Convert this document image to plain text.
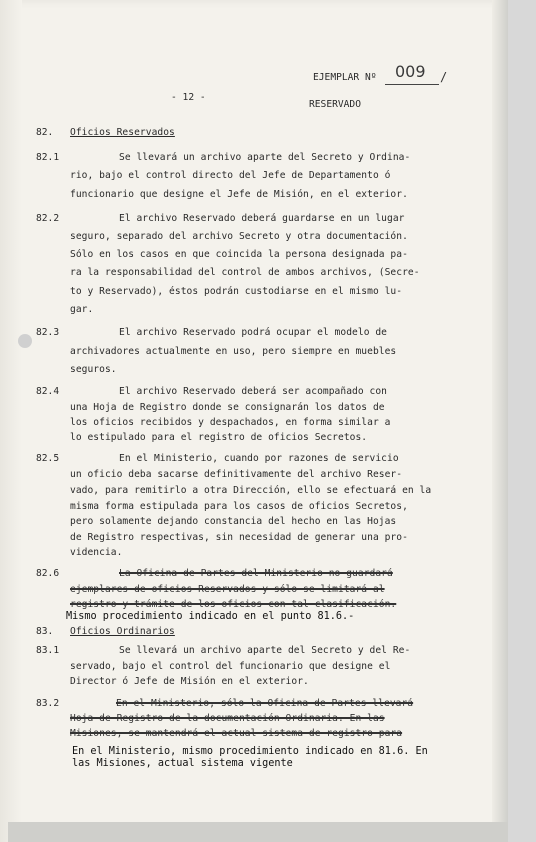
EJEMPLAR Nº 009 /
- 12 -
RESERVADO
82. Oficios Reservados
82.1	Se llevará un archivo aparte del Secreto y Ordina-
rio, bajo el control directo del Jefe de Departamento ó
funcionario que designe el Jefe de Misión, en el exterior.
82.2	El archivo Reservado deberá guardarse en un lugar
seguro, separado del archivo Secreto y otra documentación.
Sólo en los casos en que coincida la persona designada pa-
ra la responsabilidad del control de ambos archivos, (Secre-
to y Reservado), éstos podrán custodiarse en el mismo lu-
gar.
82.3	El archivo Reservado podrá ocupar el modelo de
archivadores actualmente en uso, pero siempre en muebles
seguros.
82.4	El archivo Reservado deberá ser acompañado con
una Hoja de Registro donde se consignarán los datos de
los oficios recibidos y despachados, en forma similar a
lo estipulado para el registro de oficios Secretos.
82.5	En el Ministerio, cuando por razones de servicio
un oficio deba sacarse definitivamente del archivo Reser-
vado, para remitirlo a otra Dirección, ello se efectuará en la
misma forma estipulada para los casos de oficios Secretos,
pero solamente dejando constancia del hecho en las Hojas
de Registro respectivas, sin necesidad de generar una pro-
videncia.
82.6	La Oficina de Partes del Ministerio no guardará
ejemplares de oficios Reservados y sólo se limitará al
registro y trámite de los oficios con tal clasificación.
Mismo procedimiento indicado en el punto 81.6.-
83. Oficios Ordinarios
83.1	Se llevará un archivo aparte del Secreto y del Re-
servado, bajo el control del funcionario que designe el
Director ó Jefe de Misión en el exterior.
83.2	En el Ministerio, sólo la Oficina de Partes llevará
Hoja de Registro de la documentación Ordinaria. En las
Misiones, se mantendrá el actual sistema de registro para
En el Ministerio, mismo procedimiento indicado en 81.6. En
las Misiones, actual sistema vigente
